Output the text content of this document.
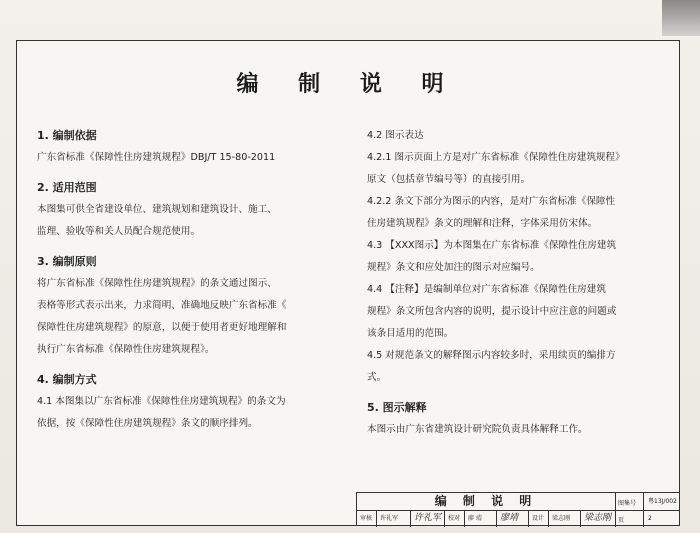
编 制 说 明
1. 编制依据
广东省标准《保障性住房建筑规程》DBJ/T 15-80-2011
2. 适用范围
本图集可供全省建设单位、建筑规划和建筑设计、施工、
监理、验收等和关人员配合规范使用。
3. 编制原则
将广东省标准《保障性住房建筑规程》的条文通过图示、
表格等形式表示出来，力求简明、准确地反映广东省标准《
保障性住房建筑规程》的原意，以便于使用者更好地理解和
执行广东省标准《保障性住房建筑规程》。
4. 编制方式
4.1 本图集以广东省标准《保障性住房建筑规程》的条文为
依据，按《保障性住房建筑规程》条文的顺序排列。
4.2 图示表达
4.2.1 图示页面上方是对广东省标准《保障性住房建筑规程》
原文（包括章节编号等）的直接引用。
4.2.2 条文下部分为图示的内容，是对广东省标准《保障性
住房建筑规程》条文的理解和注释，字体采用仿宋体。
4.3 【XXX图示】为本图集在广东省标准《保障性住房建筑
规程》条文和应处加注的图示对应编号。
4.4 【注释】是编制单位对广东省标准《保障性住房建筑
规程》条文所包含内容的说明，提示设计中应注意的问题或
该条目适用的范围。
4.5 对规范条文的解释图示内容较多时，采用续页的编排方
式。
5. 图示解释
本图示由广东省建筑设计研究院负责具体解释工作。
编 制 说 明	图集号	粤13J/002
页	2
审核	许礼军	许礼军	校对	廖 靖	廖靖	设计	梁志刚	梁志刚
